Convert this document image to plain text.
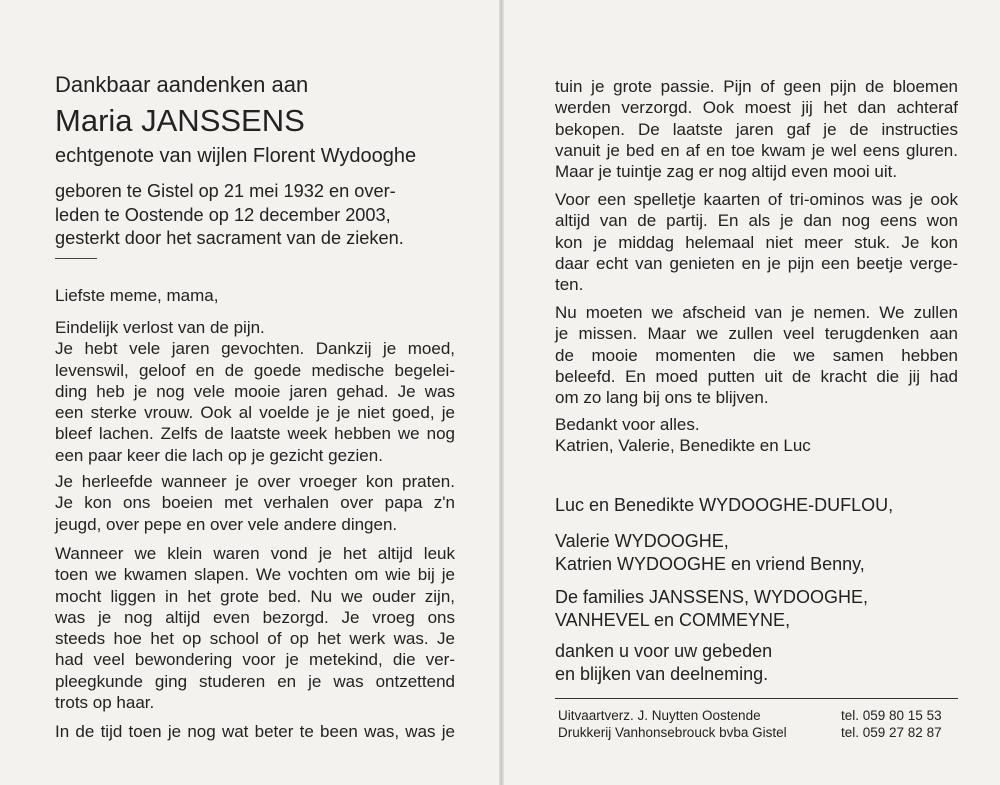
Dankbaar aandenken aan
Maria JANSSENS
echtgenote van wijlen Florent Wydooghe
geboren te Gistel op 21 mei 1932 en over-
leden te Oostende op 12 december 2003,
gesterkt door het sacrament van de zieken.
Liefste meme, mama,
Eindelijk verlost van de pijn.
Je hebt vele jaren gevochten. Dankzij je moed,
levenswil, geloof en de goede medische begelei-
ding heb je nog vele mooie jaren gehad. Je was
een sterke vrouw. Ook al voelde je je niet goed, je
bleef lachen. Zelfs de laatste week hebben we nog
een paar keer die lach op je gezicht gezien.
Je herleefde wanneer je over vroeger kon praten.
Je kon ons boeien met verhalen over papa z'n
jeugd, over pepe en over vele andere dingen.
Wanneer we klein waren vond je het altijd leuk
toen we kwamen slapen. We vochten om wie bij je
mocht liggen in het grote bed. Nu we ouder zijn,
was je nog altijd even bezorgd. Je vroeg ons
steeds hoe het op school of op het werk was. Je
had veel bewondering voor je metekind, die ver-
pleegkunde ging studeren en je was ontzettend
trots op haar.
In de tijd toen je nog wat beter te been was, was je
tuin je grote passie. Pijn of geen pijn de bloemen
werden verzorgd. Ook moest jij het dan achteraf
bekopen. De laatste jaren gaf je de instructies
vanuit je bed en af en toe kwam je wel eens gluren.
Maar je tuintje zag er nog altijd even mooi uit.
Voor een spelletje kaarten of tri-ominos was je ook
altijd van de partij. En als je dan nog eens won
kon je middag helemaal niet meer stuk. Je kon
daar echt van genieten en je pijn een beetje verge-
ten.
Nu moeten we afscheid van je nemen. We zullen
je missen. Maar we zullen veel terugdenken aan
de mooie momenten die we samen hebben
beleefd. En moed putten uit de kracht die jij had
om zo lang bij ons te blijven.
Bedankt voor alles.
Katrien, Valerie, Benedikte en Luc
Luc en Benedikte WYDOOGHE-DUFLOU,
Valerie WYDOOGHE,
Katrien WYDOOGHE en vriend Benny,
De families JANSSENS, WYDOOGHE,
VANHEVEL en COMMEYNE,
danken u voor uw gebeden
en blijken van deelneming.
Uitvaartverz. J. Nuytten Oostende	tel. 059 80 15 53
Drukkerij Vanhonsebrouck bvba Gistel	tel. 059 27 82 87
